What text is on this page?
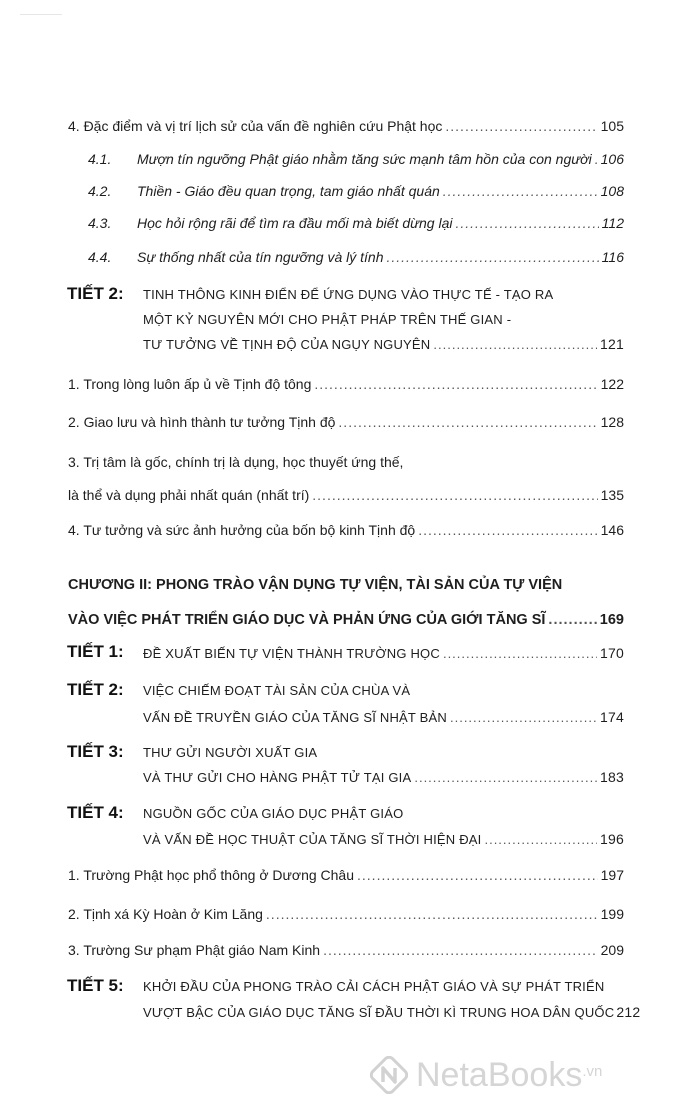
4. Đặc điểm và vị trí lịch sử của vấn đề nghiên cứu Phật học .....	105
4.1. Mượn tín ngưỡng Phật giáo nhằm tăng sức mạnh tâm hồn của con người ..... 106
4.2. Thiền - Giáo đều quan trọng, tam giáo nhất quán .....	108
4.3. Học hỏi rộng rãi để tìm ra đầu mối mà biết dừng lại .....	112
4.4. Sự thống nhất của tín ngưỡng và lý tính .....	116
TIẾT 2: TINH THÔNG KINH ĐIỂN ĐỂ ỨNG DỤNG VÀO THỰC TẾ - TẠO RA
MỘT KỶ NGUYÊN MỚI CHO PHẬT PHÁP TRÊN THẾ GIAN -
TƯ TƯỞNG VỀ TỊNH ĐỘ CỦA NGỤY NGUYÊN .....	121
1. Trong lòng luôn ấp ủ về Tịnh độ tông .....	122
2. Giao lưu và hình thành tư tưởng Tịnh độ .....	128
3. Trị tâm là gốc, chính trị là dụng, học thuyết ứng thế,
là thể và dụng phải nhất quán (nhất trí) .....	135
4. Tư tưởng và sức ảnh hưởng của bốn bộ kinh Tịnh độ .....	146
CHƯƠNG II: PHONG TRÀO VẬN DỤNG TỰ VIỆN, TÀI SẢN CỦA TỰ VIỆN
VÀO VIỆC PHÁT TRIỂN GIÁO DỤC VÀ PHẢN ỨNG CỦA GIỚI TĂNG SĨ .....	169
TIẾT 1: ĐỀ XUẤT BIẾN TỰ VIỆN THÀNH TRƯỜNG HỌC .....	170
TIẾT 2: VIỆC CHIẾM ĐOẠT TÀI SẢN CỦA CHÙA VÀ
VẤN ĐỀ TRUYỀN GIÁO CỦA TĂNG SĨ NHẬT BẢN .....	174
TIẾT 3: THƯ GỬI NGƯỜI XUẤT GIA
VÀ THƯ GỬI CHO HÀNG PHẬT TỬ TẠI GIA .....	183
TIẾT 4: NGUỒN GỐC CỦA GIÁO DỤC PHẬT GIÁO
VÀ VẤN ĐỀ HỌC THUẬT CỦA TĂNG SĨ THỜI HIỆN ĐẠI .....	196
1. Trường Phật học phổ thông ở Dương Châu .....	197
2. Tịnh xá Kỳ Hoàn ở Kim Lăng .....	199
3. Trường Sư phạm Phật giáo Nam Kinh .....	209
TIẾT 5: KHỞI ĐẦU CỦA PHONG TRÀO CẢI CÁCH PHẬT GIÁO VÀ SỰ PHÁT TRIỂN
VƯỢT BẬC CỦA GIÁO DỤC TĂNG SĨ ĐẦU THỜI KÌ TRUNG HOA DÂN QUỐC 212
NetaBooks .vn
